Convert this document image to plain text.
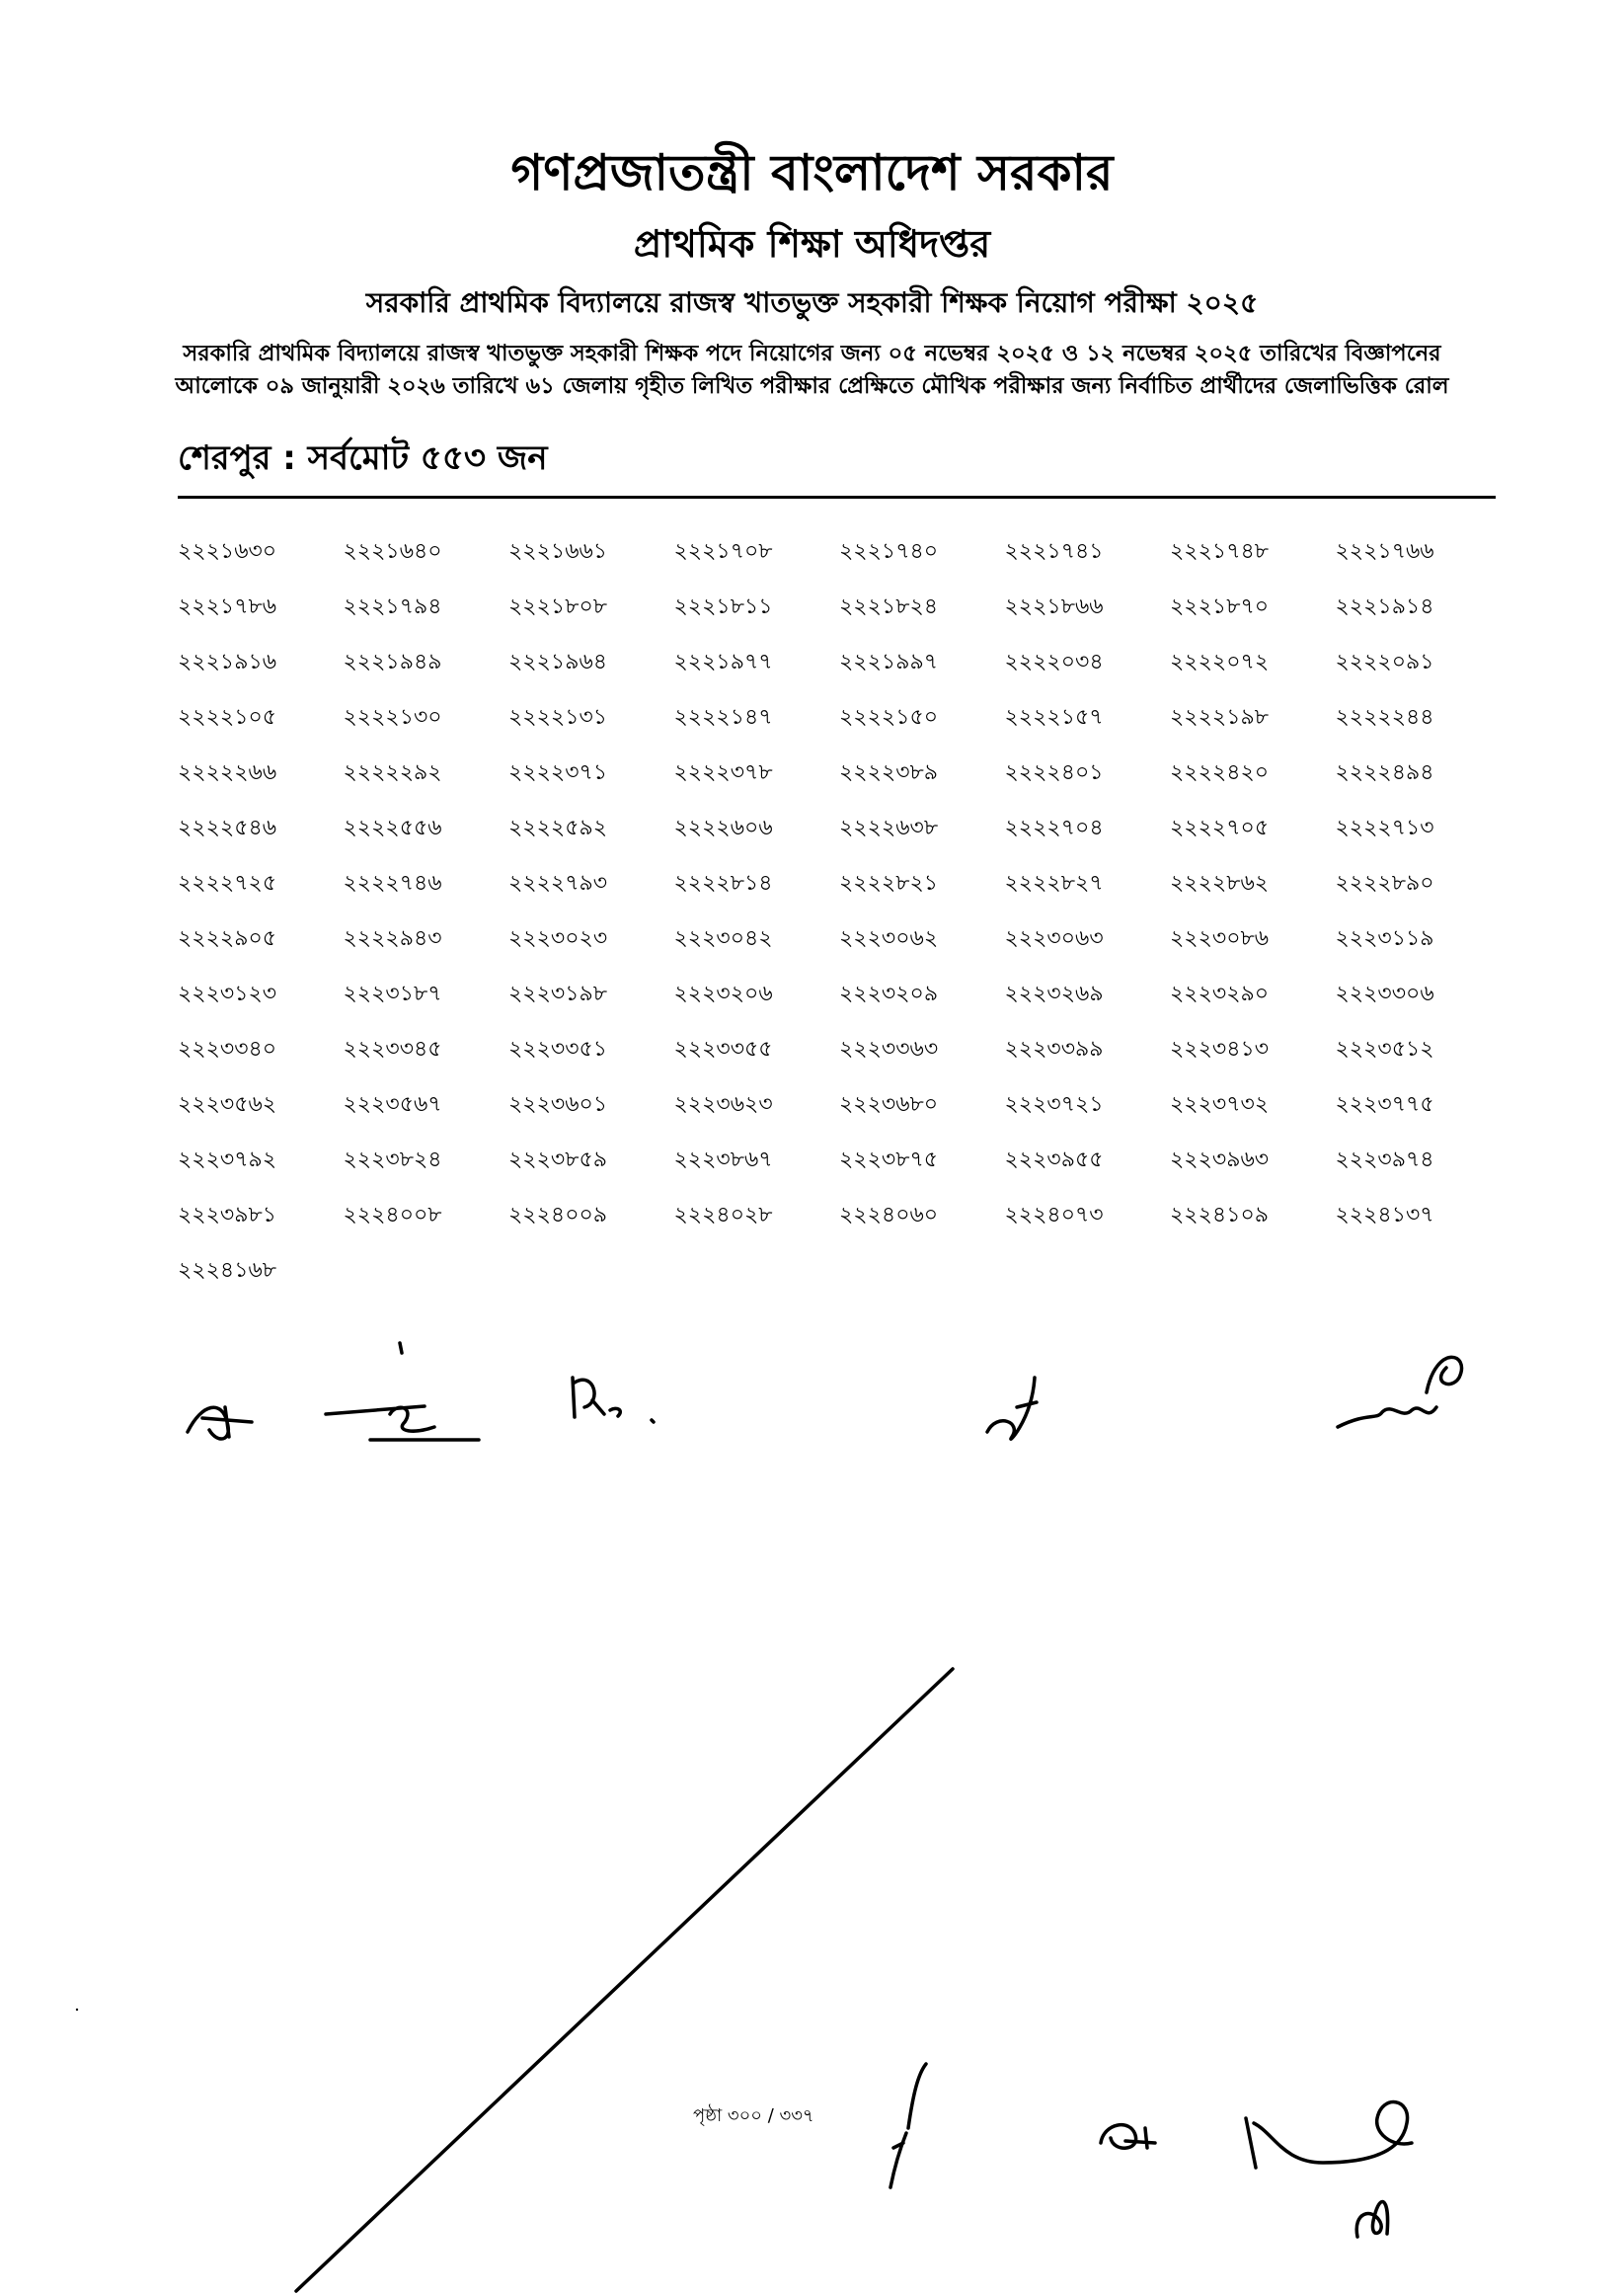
গণপ্রজাতন্ত্রী বাংলাদেশ সরকার
প্রাথমিক শিক্ষা অধিদপ্তর
সরকারি প্রাথমিক বিদ্যালয়ে রাজস্ব খাতভুক্ত সহকারী শিক্ষক নিয়োগ পরীক্ষা ২০২৫
সরকারি প্রাথমিক বিদ্যালয়ে রাজস্ব খাতভুক্ত সহকারী শিক্ষক পদে নিয়োগের জন্য ০৫ নভেম্বর ২০২৫ ও ১২ নভেম্বর ২০২৫ তারিখের বিজ্ঞাপনের
আলোকে ০৯ জানুয়ারী ২০২৬ তারিখে ৬১ জেলায় গৃহীত লিখিত পরীক্ষার প্রেক্ষিতে মৌখিক পরীক্ষার জন্য নির্বাচিত প্রার্থীদের জেলাভিত্তিক রোল
শেরপুর : সর্বমোট ৫৫৩ জন
২২২১৬৩০	২২২১৬৪০	২২২১৬৬১	২২২১৭০৮	২২২১৭৪০	২২২১৭৪১	২২২১৭৪৮	২২২১৭৬৬
২২২১৭৮৬	২২২১৭৯৪	২২২১৮০৮	২২২১৮১১	২২২১৮২৪	২২২১৮৬৬	২২২১৮৭০	২২২১৯১৪
২২২১৯১৬	২২২১৯৪৯	২২২১৯৬৪	২২২১৯৭৭	২২২১৯৯৭	২২২২০৩৪	২২২২০৭২	২২২২০৯১
২২২২১০৫	২২২২১৩০	২২২২১৩১	২২২২১৪৭	২২২২১৫০	২২২২১৫৭	২২২২১৯৮	২২২২২৪৪
২২২২২৬৬	২২২২২৯২	২২২২৩৭১	২২২২৩৭৮	২২২২৩৮৯	২২২২৪০১	২২২২৪২০	২২২২৪৯৪
২২২২৫৪৬	২২২২৫৫৬	২২২২৫৯২	২২২২৬০৬	২২২২৬৩৮	২২২২৭০৪	২২২২৭০৫	২২২২৭১৩
২২২২৭২৫	২২২২৭৪৬	২২২২৭৯৩	২২২২৮১৪	২২২২৮২১	২২২২৮২৭	২২২২৮৬২	২২২২৮৯০
২২২২৯০৫	২২২২৯৪৩	২২২৩০২৩	২২২৩০৪২	২২২৩০৬২	২২২৩০৬৩	২২২৩০৮৬	২২২৩১১৯
২২২৩১২৩	২২২৩১৮৭	২২২৩১৯৮	২২২৩২০৬	২২২৩২০৯	২২২৩২৬৯	২২২৩২৯০	২২২৩৩০৬
২২২৩৩৪০	২২২৩৩৪৫	২২২৩৩৫১	২২২৩৩৫৫	২২২৩৩৬৩	২২২৩৩৯৯	২২২৩৪১৩	২২২৩৫১২
২২২৩৫৬২	২২২৩৫৬৭	২২২৩৬০১	২২২৩৬২৩	২২২৩৬৮০	২২২৩৭২১	২২২৩৭৩২	২২২৩৭৭৫
২২২৩৭৯২	২২২৩৮২৪	২২২৩৮৫৯	২২২৩৮৬৭	২২২৩৮৭৫	২২২৩৯৫৫	২২২৩৯৬৩	২২২৩৯৭৪
২২২৩৯৮১	২২২৪০০৮	২২২৪০০৯	২২২৪০২৮	২২২৪০৬০	২২২৪০৭৩	২২২৪১০৯	২২২৪১৩৭
২২২৪১৬৮
পৃষ্ঠা ৩০০ / ৩৩৭
